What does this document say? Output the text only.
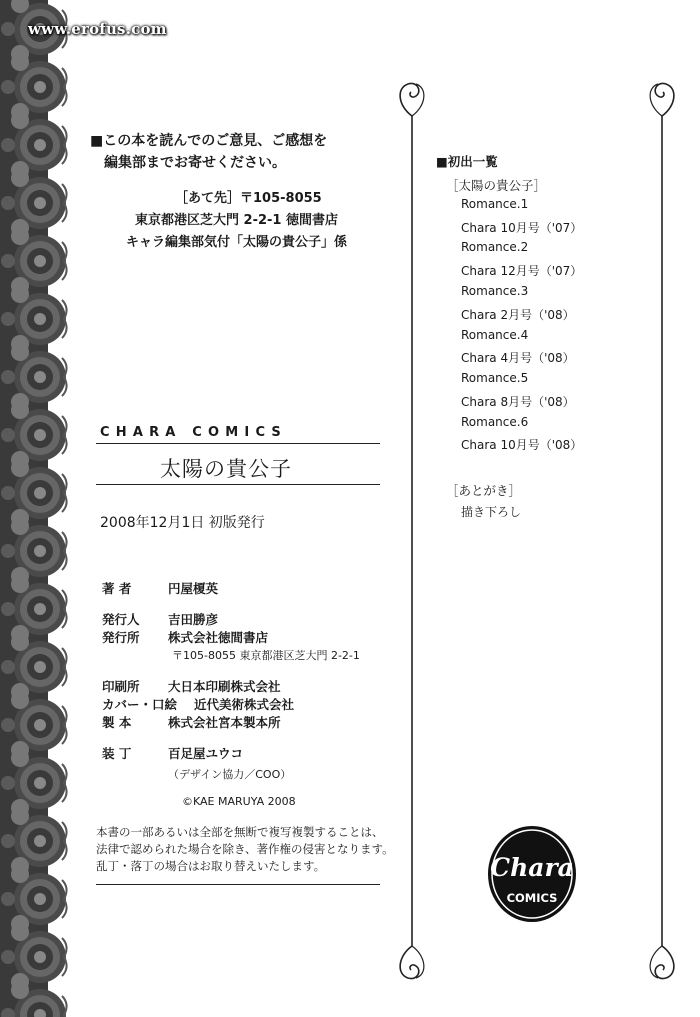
www.erofus.com
■この本を読んでのご意見、ご感想を
編集部までお寄せください。
［あて先］〒105-8055
東京都港区芝大門 2-2-1 徳間書店
キャラ編集部気付「太陽の貴公子」係
CHARA COMICS
太陽の貴公子
2008年12月1日 初版発行
著 者	円屋榎英
発行人 吉田勝彦
発行所 株式会社徳間書店
〒105-8055 東京都港区芝大門 2-2-1
印刷所 大日本印刷株式会社
カバー・口絵 近代美術株式会社
製 本	株式会社宮本製本所
装 丁	百足屋ユウコ
（デザイン協力／COO）
©KAE MARUYA 2008
本書の一部あるいは全部を無断で複写複製することは、
法律で認められた場合を除き、著作権の侵害となります。
乱丁・落丁の場合はお取り替えいたします。
■初出一覧
［太陽の貴公子］
Romance.1
Chara 10月号（'07）
Romance.2
Chara 12月号（'07）
Romance.3
Chara 2月号（'08）
Romance.4
Chara 4月号（'08）
Romance.5
Chara 8月号（'08）
Romance.6
Chara 10月号（'08）
［あとがき］
描き下ろし
Chara
COMICS
